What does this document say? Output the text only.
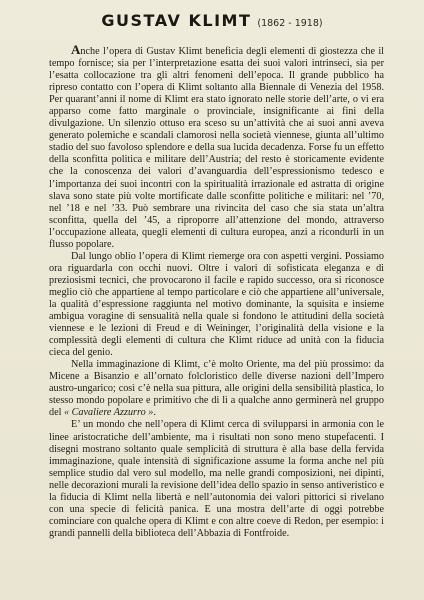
GUSTAV KLIMT (1862 - 1918)

Anche l’opera di Gustav Klimt beneficia degli elementi di giostezza che il tempo fornisce; sia per l’interpretazione esatta dei suoi valori intrinseci, sia per l’esatta collocazione tra gli altri fenomeni dell’epoca. Il grande pubblico ha ripreso contatto con l’opera di Klimt soltanto alla Biennale di Venezia del 1958. Per quarant’anni il nome di Klimt era stato ignorato nelle storie dell’arte, o vi era apparso come fatto marginale o provinciale, insignificante ai fini della divulgazione. Un silenzio ottuso era sceso su un’attività che ai suoi anni aveva generato polemiche e scandali clamorosi nella società viennese, giunta all’ultimo stadio del suo favoloso splendore e della sua lucida decadenza. Forse fu un effetto della sconfitta politica e militare dell’Austria; del resto è storicamente evidente che la conoscenza dei valori d’avanguardia dell’espressionismo tedesco e l’importanza dei suoi incontri con la spiritualità irrazionale ed astratta di origine slava sono state più volte mortificate dalle sconfitte politiche e militari: nel ’70, nel ’18 e nel ’33. Può sembrare una rivincita del caso che sia stata un’altra sconfitta, quella del ’45, a riproporre all’attenzione del mondo, attraverso l’occupazione alleata, quegli elementi di cultura europea, anzi a ricondurli in un flusso popolare.

Dal lungo oblio l’opera di Klimt riemerge ora con aspetti vergini. Possiamo ora riguardarla con occhi nuovi. Oltre i valori di sofisticata eleganza e di preziosismi tecnici, che provocarono il facile e rapido successo, ora si riconosce meglio ciò che appartiene al tempo particolare e ciò che appartiene all’universale, la qualità d’espressione raggiunta nel motivo dominante, la squisita e insieme ambigua voragine di sensualità nella quale si fondono le attitudini della società viennese e le lezioni di Freud e di Weininger, l’originalità della visione e la complessità degli elementi di cultura che Klimt riduce ad unità con la fiducia cieca del genio.

Nella immaginazione di Klimt, c’è molto Oriente, ma del più prossimo: da Micene a Bisanzio e all’ornato folcloristico delle diverse nazioni dell’Impero austro-ungarico; così c’è nella sua pittura, alle origini della sensibilità plastica, lo stesso mondo popolare e primitivo che di lì a qualche anno germinerà nel gruppo del « Cavaliere Azzurro ».

E’ un mondo che nell’opera di Klimt cerca di svilupparsi in armonia con le linee aristocratiche dell’ambiente, ma i risultati non sono meno stupefacenti. I disegni mostrano soltanto quale semplicità di struttura è alla base della fervida immaginazione, quale intensità di significazione assume la forma anche nel più semplice studio dal vero sul modello, ma nelle grandi composizioni, nei dipinti, nelle decorazioni murali la revisione dell’idea dello spazio in senso antiveristico e la fiducia di Klimt nella libertà e nell’autonomia dei valori pittorici si rivelano con una specie di felicità panica. E una mostra dell’arte di oggi potrebbe cominciare con qualche opera di Klimt e con altre coeve di Redon, per esempio: i grandi pannelli della biblioteca dell’Abbazia di Fontfroide.
